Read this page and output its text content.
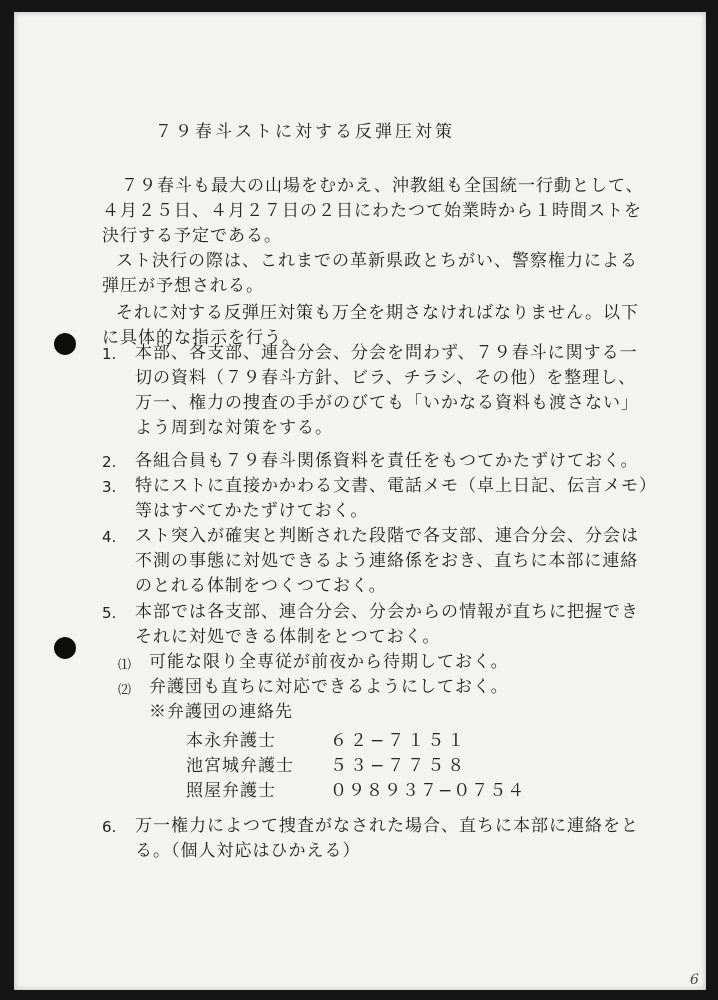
７９春斗ストに対する反弾圧対策
７９春斗も最大の山場をむかえ、沖教組も全国統一行動として、
４月２５日、４月２７日の２日にわたつて始業時から１時間ストを
決行する予定である。
スト決行の際は、これまでの革新県政とちがい、警察権力による
弾圧が予想される。
それに対する反弾圧対策も万全を期さなければなりません。以下
に具体的な指示を行う。
1. 本部、各支部、連合分会、分会を問わず、７９春斗に関する一
切の資料（７９春斗方針、ビラ、チラシ、その他）を整理し、
万一、権力の捜査の手がのびても「いかなる資料も渡さない」
よう周到な対策をする。
2. 各組合員も７９春斗関係資料を責任をもつてかたずけておく。
3. 特にストに直接かかわる文書、電話メモ（卓上日記、伝言メモ）
等はすべてかたずけておく。
4. スト突入が確実と判断された段階で各支部、連合分会、分会は
不測の事態に対処できるよう連絡係をおき、直ちに本部に連絡
のとれる体制をつくつておく。
5. 本部では各支部、連合分会、分会からの情報が直ちに把握でき
それに対処できる体制をとつておく。
⑴ 可能な限り全専従が前夜から待期しておく。
⑵ 弁護団も直ちに対応できるようにしておく。
※弁護団の連絡先
本永弁護士	６２−７１５１
池宮城弁護士 ５３−７７５８
照屋弁護士	０９８９３７−０７５４
6. 万一権力によつて捜査がなされた場合、直ちに本部に連絡をと
る。（個人対応はひかえる）
6
